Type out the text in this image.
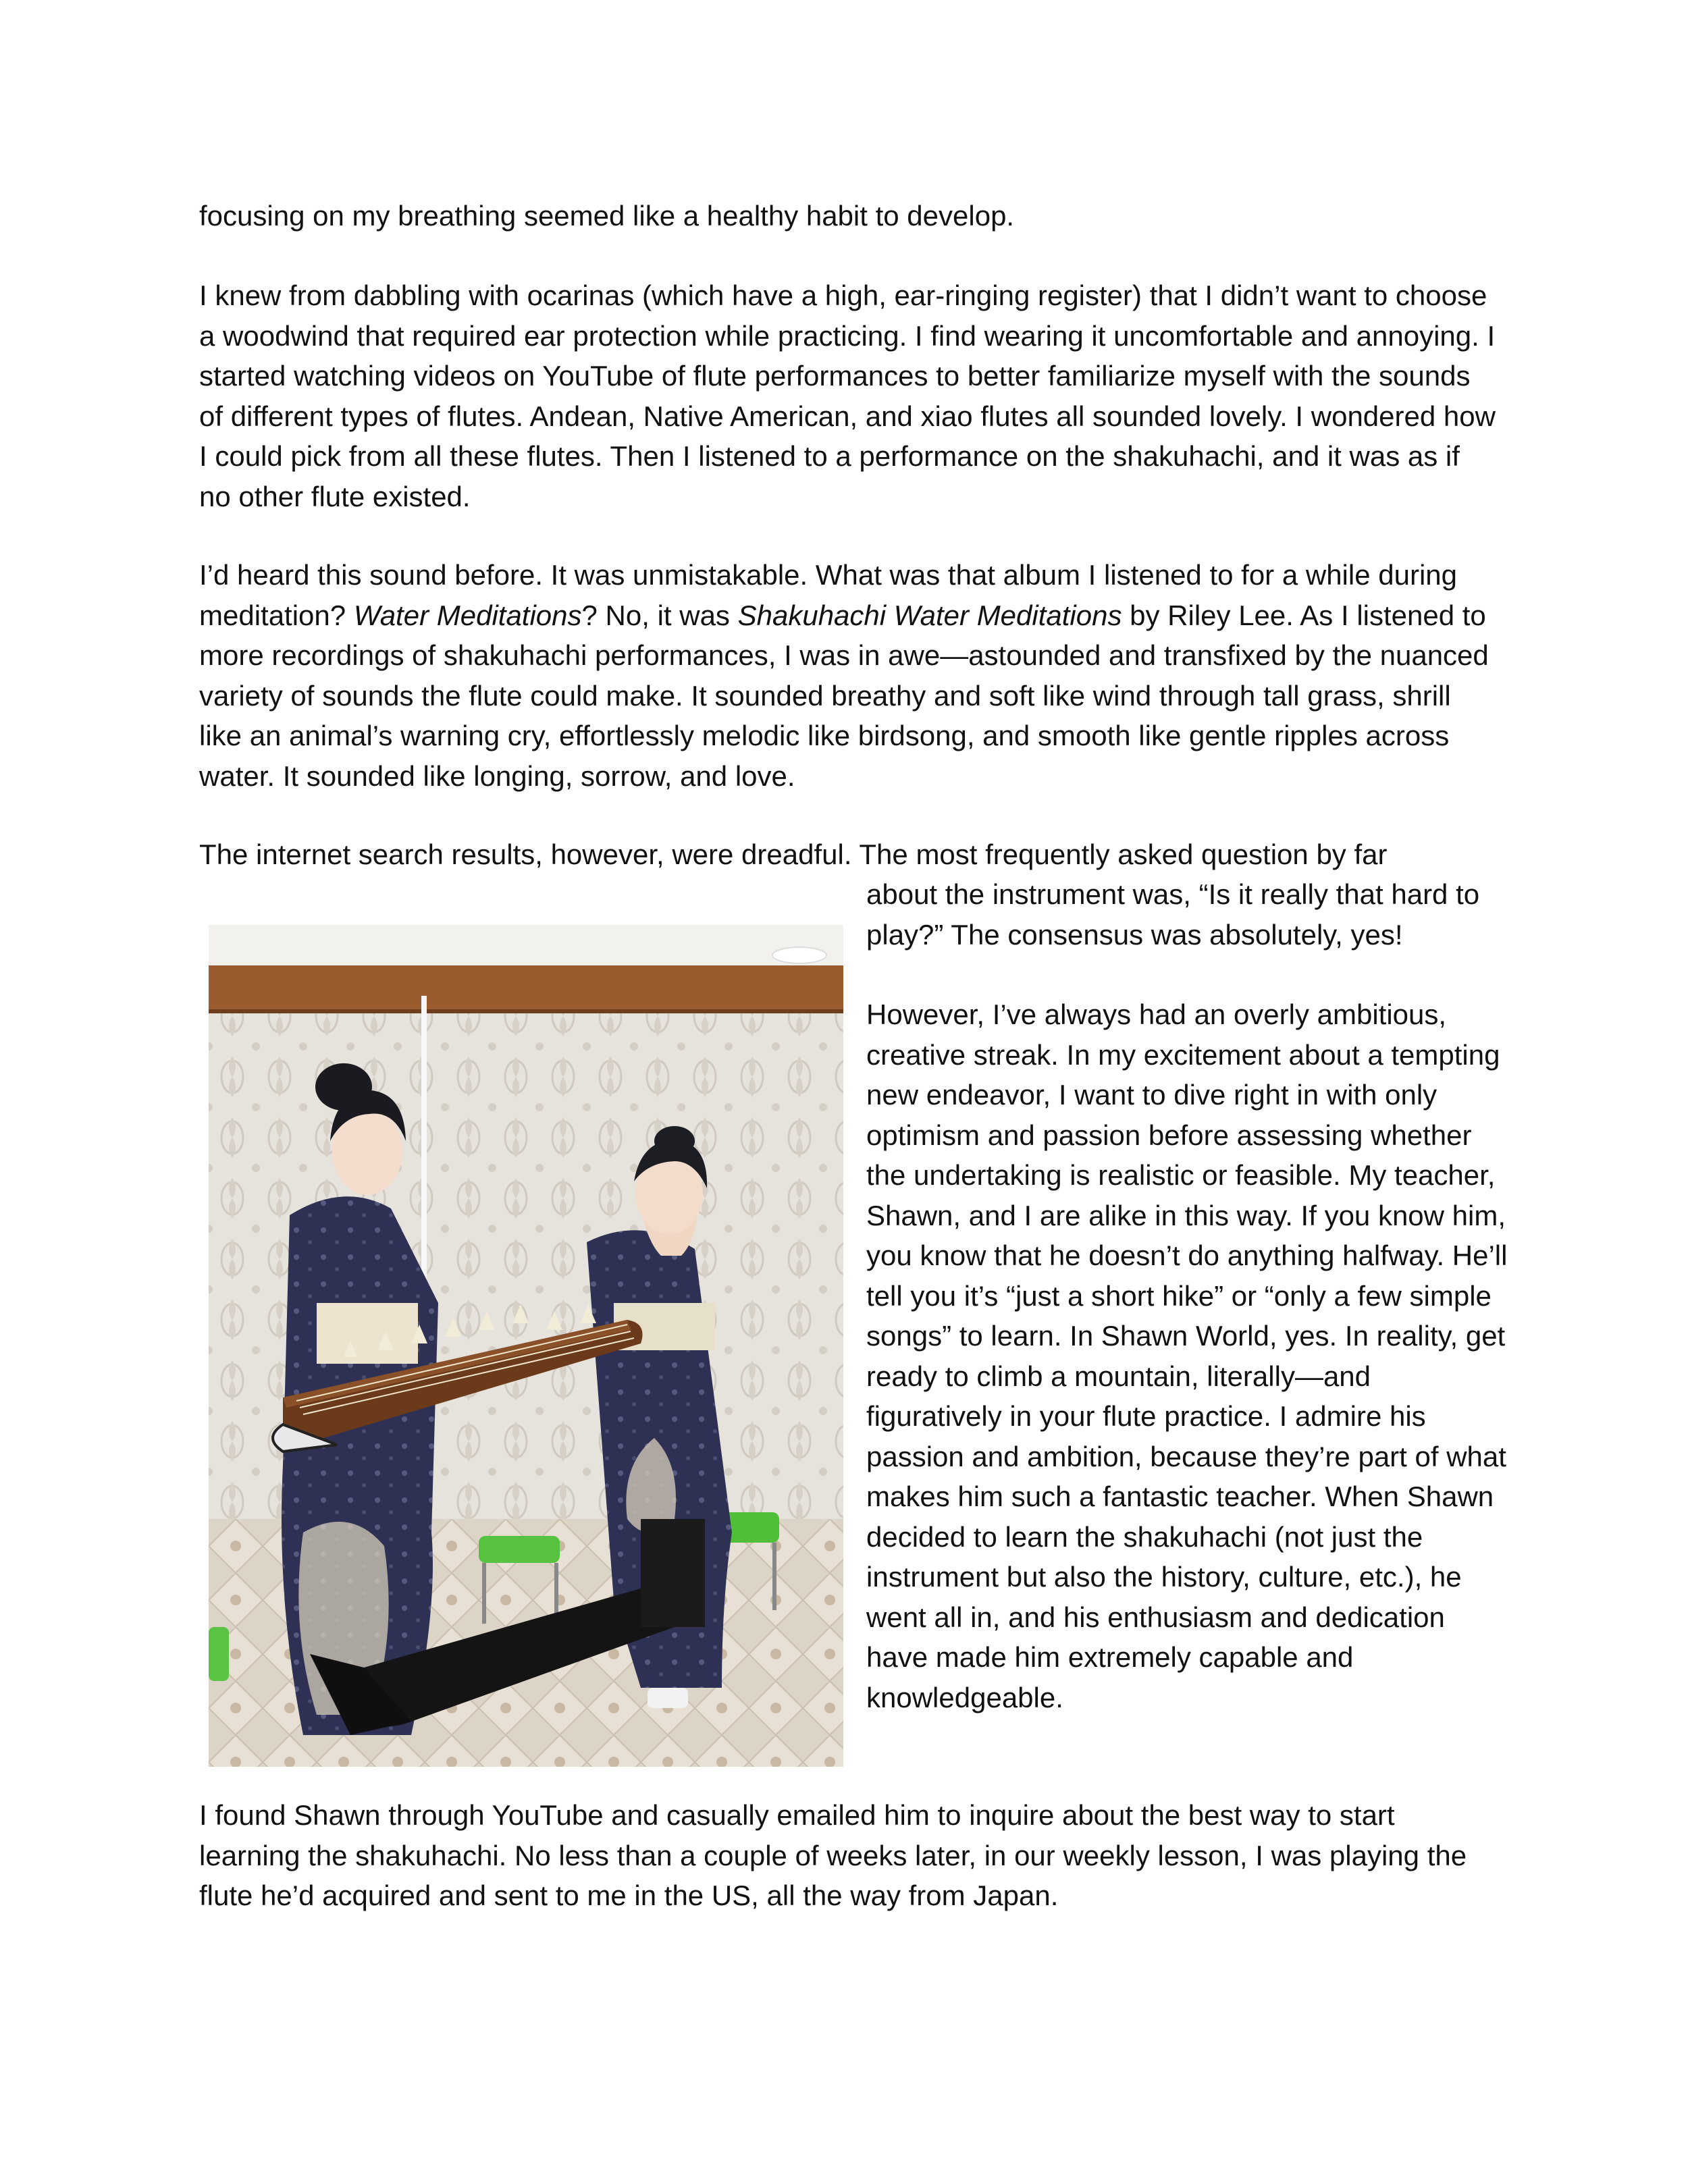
focusing on my breathing seemed like a healthy habit to develop.

I knew from dabbling with ocarinas (which have a high, ear-ringing register) that I didn’t want to choose a woodwind that required ear protection while practicing. I find wearing it uncomfortable and annoying. I started watching videos on YouTube of flute performances to better familiarize myself with the sounds of different types of flutes. Andean, Native American, and xiao flutes all sounded lovely. I wondered how I could pick from all these flutes. Then I listened to a performance on the shakuhachi, and it was as if no other flute existed.

I’d heard this sound before. It was unmistakable. What was that album I listened to for a while during meditation? Water Meditations? No, it was Shakuhachi Water Meditations by Riley Lee. As I listened to more recordings of shakuhachi performances, I was in awe—astounded and transfixed by the nuanced variety of sounds the flute could make. It sounded breathy and soft like wind through tall grass, shrill like an animal’s warning cry, effortlessly melodic like birdsong, and smooth like gentle ripples across water. It sounded like longing, sorrow, and love.

The internet search results, however, were dreadful. The most frequently asked question by far

about the instrument was, “Is it really that hard to play?” The consensus was absolutely, yes!

However, I’ve always had an overly ambitious, creative streak. In my excitement about a tempting new endeavor, I want to dive right in with only optimism and passion before assessing whether the undertaking is realistic or feasible. My teacher, Shawn, and I are alike in this way. If you know him, you know that he doesn’t do anything halfway. He’ll tell you it’s “just a short hike” or “only a few simple songs” to learn. In Shawn World, yes. In reality, get ready to climb a mountain, literally—and figuratively in your flute practice. I admire his passion and ambition, because they’re part of what makes him such a fantastic teacher. When Shawn decided to learn the shakuhachi (not just the instrument but also the history, culture, etc.), he went all in, and his enthusiasm and dedication have made him extremely capable and knowledgeable.

I found Shawn through YouTube and casually emailed him to inquire about the best way to start learning the shakuhachi. No less than a couple of weeks later, in our weekly lesson, I was playing the flute he’d acquired and sent to me in the US, all the way from Japan.
